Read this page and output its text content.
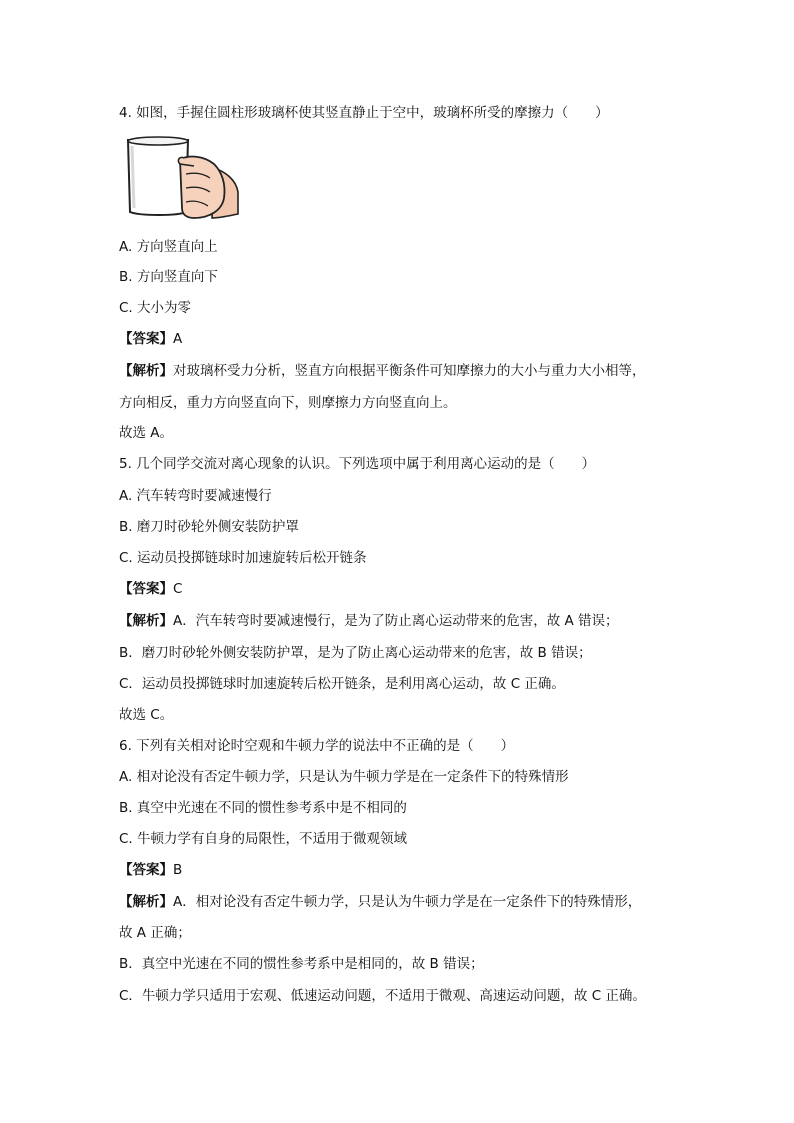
4. 如图，手握住圆柱形玻璃杯使其竖直静止于空中，玻璃杯所受的摩擦力（　　）
A. 方向竖直向上
B. 方向竖直向下
C. 大小为零
【答案】A
【解析】对玻璃杯受力分析，竖直方向根据平衡条件可知摩擦力的大小与重力大小相等，
方向相反，重力方向竖直向下，则摩擦力方向竖直向上。
故选 A。
5. 几个同学交流对离心现象的认识。下列选项中属于利用离心运动的是（　　）
A. 汽车转弯时要减速慢行
B. 磨刀时砂轮外侧安装防护罩
C. 运动员投掷链球时加速旋转后松开链条
【答案】C
【解析】A．汽车转弯时要减速慢行，是为了防止离心运动带来的危害，故 A 错误；
B．磨刀时砂轮外侧安装防护罩，是为了防止离心运动带来的危害，故 B 错误；
C．运动员投掷链球时加速旋转后松开链条，是利用离心运动，故 C 正确。
故选 C。
6. 下列有关相对论时空观和牛顿力学的说法中不正确的是（　　）
A. 相对论没有否定牛顿力学，只是认为牛顿力学是在一定条件下的特殊情形
B. 真空中光速在不同的惯性参考系中是不相同的
C. 牛顿力学有自身的局限性，不适用于微观领域
【答案】B
【解析】A．相对论没有否定牛顿力学，只是认为牛顿力学是在一定条件下的特殊情形，
故 A 正确；
B．真空中光速在不同的惯性参考系中是相同的，故 B 错误；
C．牛顿力学只适用于宏观、低速运动问题，不适用于微观、高速运动问题，故 C 正确。
